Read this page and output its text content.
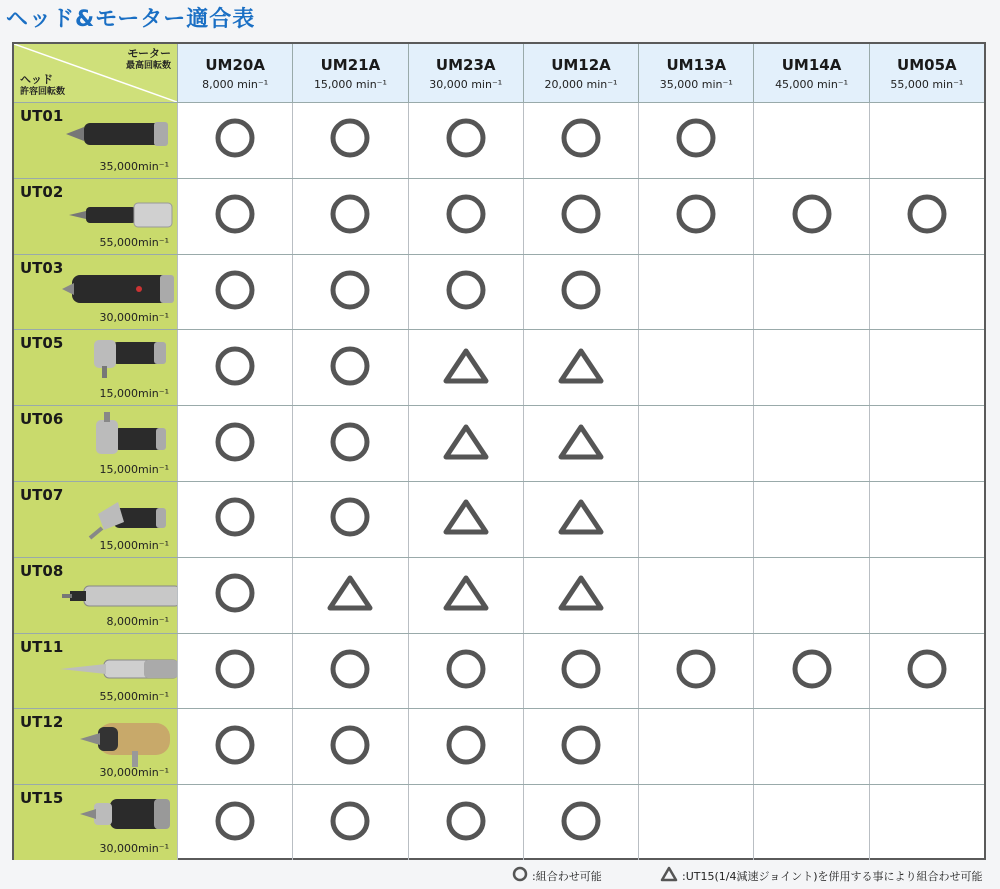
ヘッド&モーター適合表
モーター
最高回転数
ヘッド
許容回転数
UM20A
8,000 min⁻¹
UM21A
15,000 min⁻¹
UM23A
30,000 min⁻¹
UM12A
20,000 min⁻¹
UM13A
35,000 min⁻¹
UM14A
45,000 min⁻¹
UM05A
55,000 min⁻¹
UT01
35,000min⁻¹
UT02
55,000min⁻¹
UT03
30,000min⁻¹
UT05
15,000min⁻¹
UT06
15,000min⁻¹
UT07
15,000min⁻¹
UT08
8,000min⁻¹
UT11
55,000min⁻¹
UT12
30,000min⁻¹
UT15
30,000min⁻¹
:組合わせ可能	:UT15(1/4減速ジョイント)を併用する事により組合わせ可能
